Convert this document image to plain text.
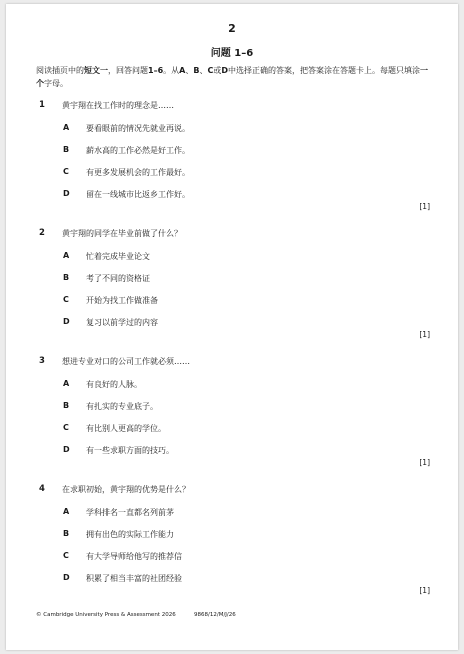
2
问题 1–6
阅读插页中的短文一，回答问题1–6。从A、B、C或D中选择正确的答案，把答案涂在答题卡上。每题只填涂一个字母。
1 黄宇翔在找工作时的理念是……
A 要看眼前的情况先就业再说。
B 薪水高的工作必然是好工作。
C 有更多发展机会的工作最好。
D 留在一线城市比返乡工作好。
[1]
2 黄宇翔的同学在毕业前做了什么？
A 忙着完成毕业论文
B 考了不同的资格证
C 开始为找工作做准备
D 复习以前学过的内容
[1]
3 想进专业对口的公司工作就必须……
A 有良好的人脉。
B 有扎实的专业底子。
C 有比别人更高的学位。
D 有一些求职方面的技巧。
[1]
4 在求职初始，黄宇翔的优势是什么？
A 学科排名一直都名列前茅
B 拥有出色的实际工作能力
C 有大学导师给他写的推荐信
D 积累了相当丰富的社团经验
[1]
© Cambridge University Press & Assessment 2026	9868/12/M/J/26
